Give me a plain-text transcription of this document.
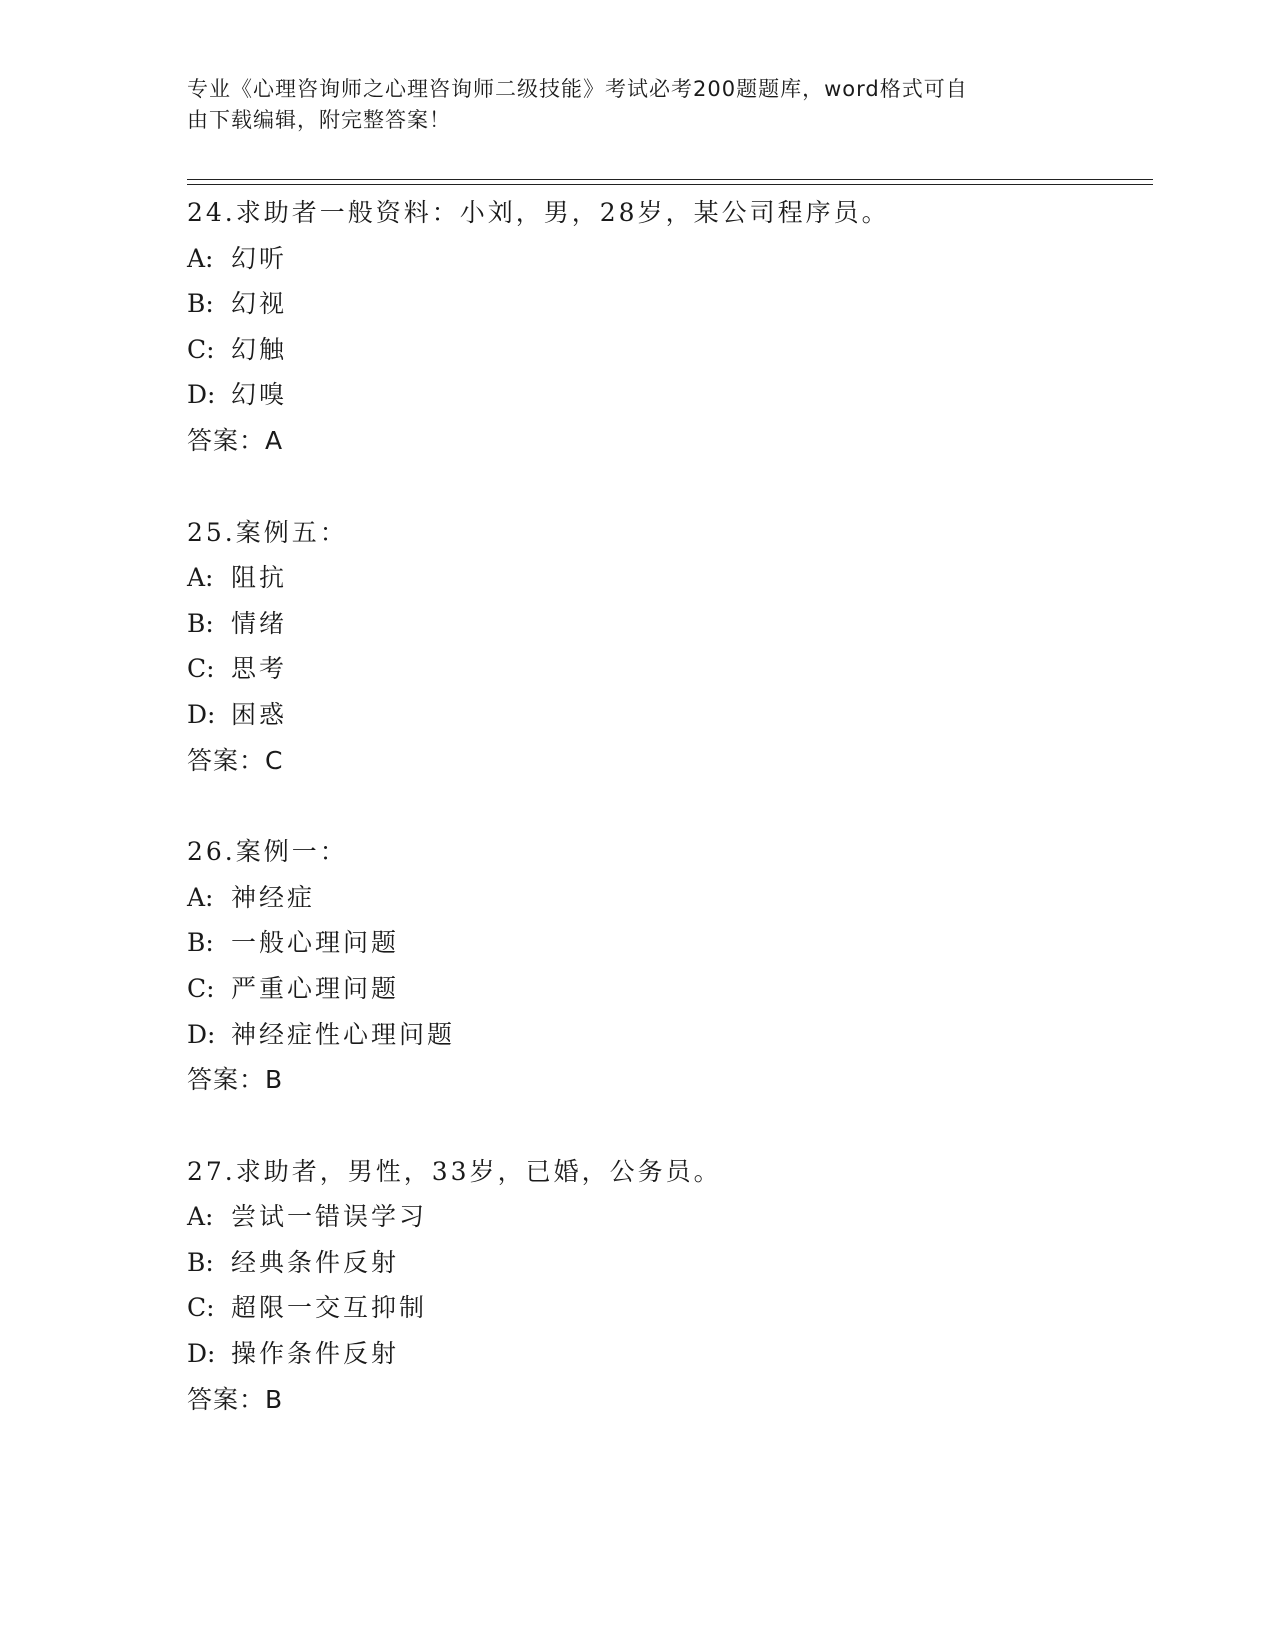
专业《心理咨询师之心理咨询师二级技能》考试必考200题题库，word格式可自
由下载编辑，附完整答案！
24.求助者一般资料：小刘，男，28岁，某公司程序员。
A: 幻听
B: 幻视
C: 幻触
D: 幻嗅
答案：A
25.案例五：
A: 阻抗
B: 情绪
C: 思考
D: 困惑
答案：C
26.案例一：
A: 神经症
B: 一般心理问题
C: 严重心理问题
D: 神经症性心理问题
答案：B
27.求助者，男性，33岁，已婚，公务员。
A: 尝试一错误学习
B: 经典条件反射
C: 超限一交互抑制
D: 操作条件反射
答案：B
